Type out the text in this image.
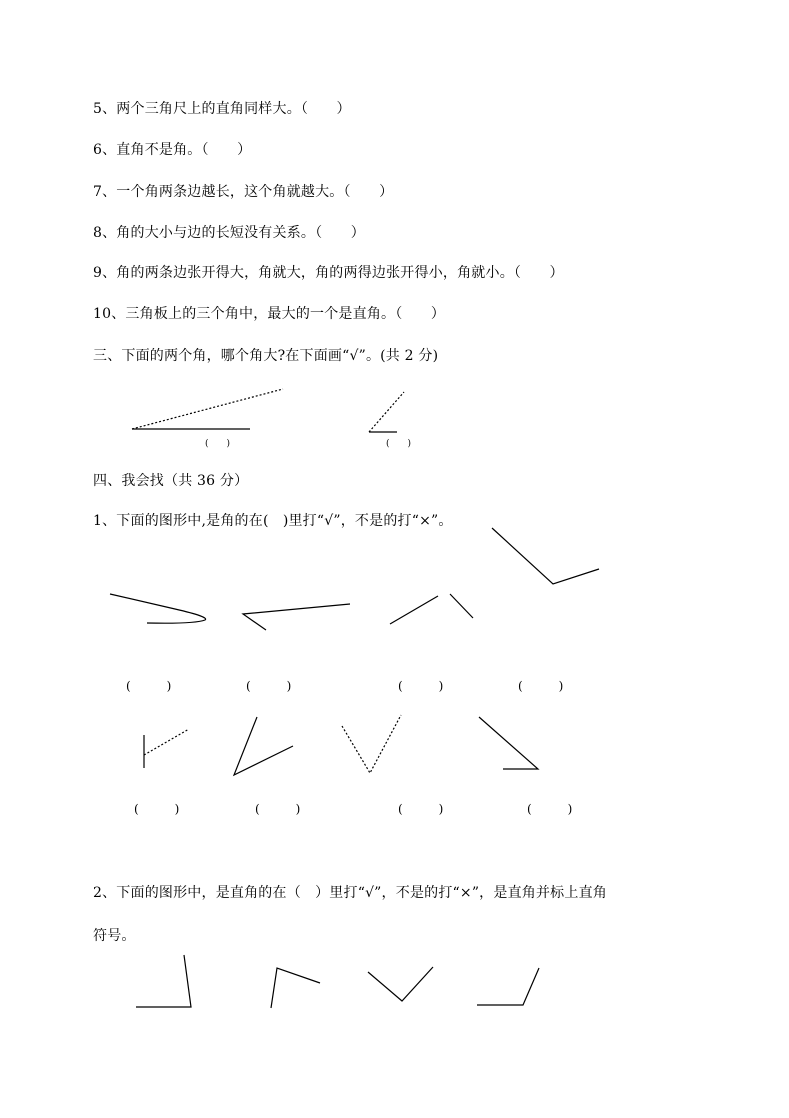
5、两个三角尺上的直角同样大。（　　）
6、直角不是角。（　　）
7、一个角两条边越长，这个角就越大。（　　）
8、角的大小与边的长短没有关系。（　　）
9、角的两条边张开得大，角就大，角的两得边张开得小，角就小。（　　）
10、三角板上的三个角中，最大的一个是直角。（　　）
三、下面的两个角，哪个角大?在下面画“√”。(共 2 分)
(　　)	(　　)
四、我会找（共 36 分）
1、下面的图形中,是角的在(　)里打“√”，不是的打“×”。
(　　　)	(　　　)	(　　　)	(　　　)
(　　　)	(　　　)	(　　　)	(　　　)
2、下面的图形中，是直角的在（　）里打“√”，不是的打“×”，是直角并标上直角
符号。
